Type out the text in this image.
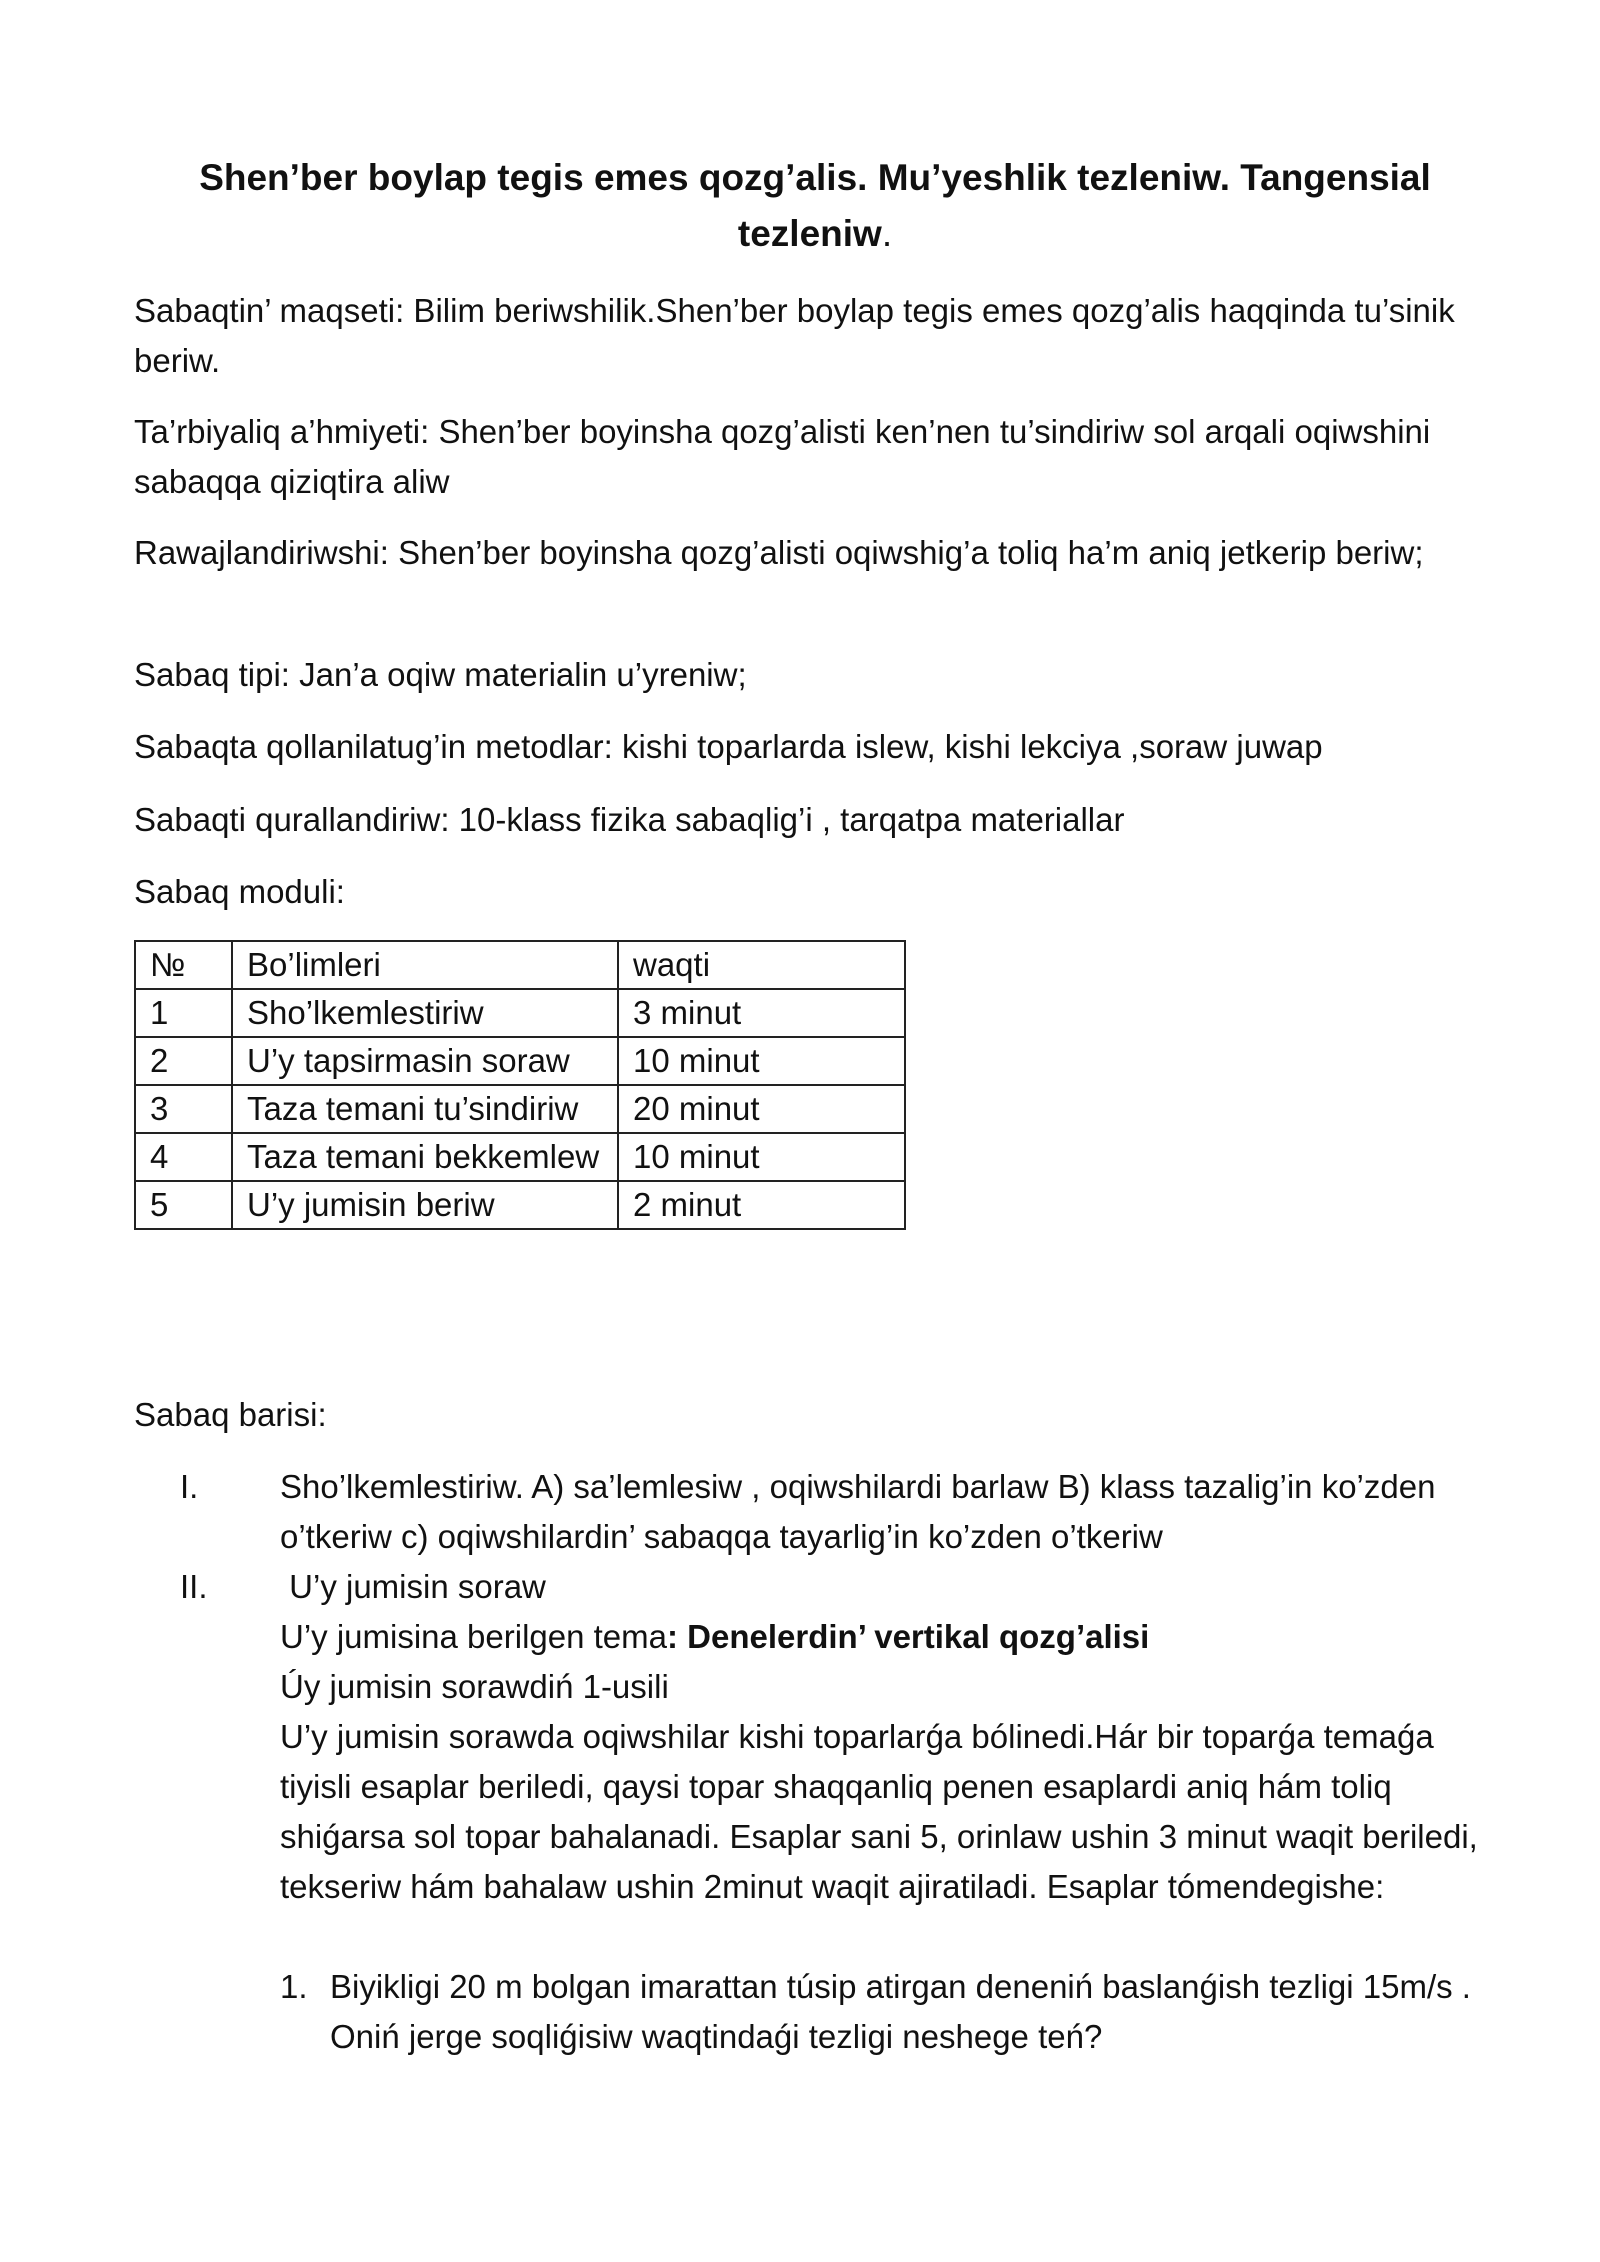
Shen’ber boylap tegis emes qozg’alis. Mu’yeshlik tezleniw. Tangensial tezleniw.
Sabaqtin’ maqseti: Bilim beriwshilik.Shen’ber boylap tegis emes qozg’alis haqqinda tu’sinik beriw.
Ta’rbiyaliq a’hmiyeti: Shen’ber boyinsha qozg’alisti ken’nen tu’sindiriw sol arqali oqiwshini sabaqqa qiziqtira aliw
Rawajlandiriwshi: Shen’ber boyinsha qozg’alisti oqiwshig’a toliq ha’m aniq jetkerip beriw;
Sabaq tipi: Jan’a oqiw materialin u’yreniw;
Sabaqta qollanilatug’in metodlar: kishi toparlarda islew, kishi lekciya ,soraw juwap
Sabaqti qurallandiriw: 10-klass fizika sabaqlig’i , tarqatpa materiallar
Sabaq moduli:
№	Bo’limleri	waqti
1	Sho’lkemlestiriw	3 minut
2	U’y tapsirmasin soraw	10 minut
3	Taza temani tu’sindiriw	20 minut
4	Taza temani bekkemlew	10 minut
5	U’y jumisin beriw	2 minut
Sabaq barisi:
I. Sho’lkemlestiriw. A) sa’lemlesiw , oqiwshilardi barlaw B) klass tazalig’in ko’zden o’tkeriw c) oqiwshilardin’ sabaqqa tayarlig’in ko’zden o’tkeriw
II. U’y jumisin soraw
U’y jumisina berilgen tema: Denelerdin’ vertikal qozg’alisi
Úy jumisin sorawdiń 1-usili
U’y jumisin sorawda oqiwshilar kishi toparlarǵa bólinedi.Hár bir toparǵa temaǵa tiyisli esaplar beriledi, qaysi topar shaqqanliq penen esaplardi aniq hám toliq shiǵarsa sol topar bahalanadi. Esaplar sani 5, orinlaw ushin 3 minut waqit beriledi, tekseriw hám bahalaw ushin 2minut waqit ajiratiladi. Esaplar tómendegishe:
1. Biyikligi 20 m bolgan imarattan túsip atirgan deneniń baslanǵish tezligi 15m/s . Oniń jerge soqliǵisiw waqtindaǵi tezligi neshege teń?
